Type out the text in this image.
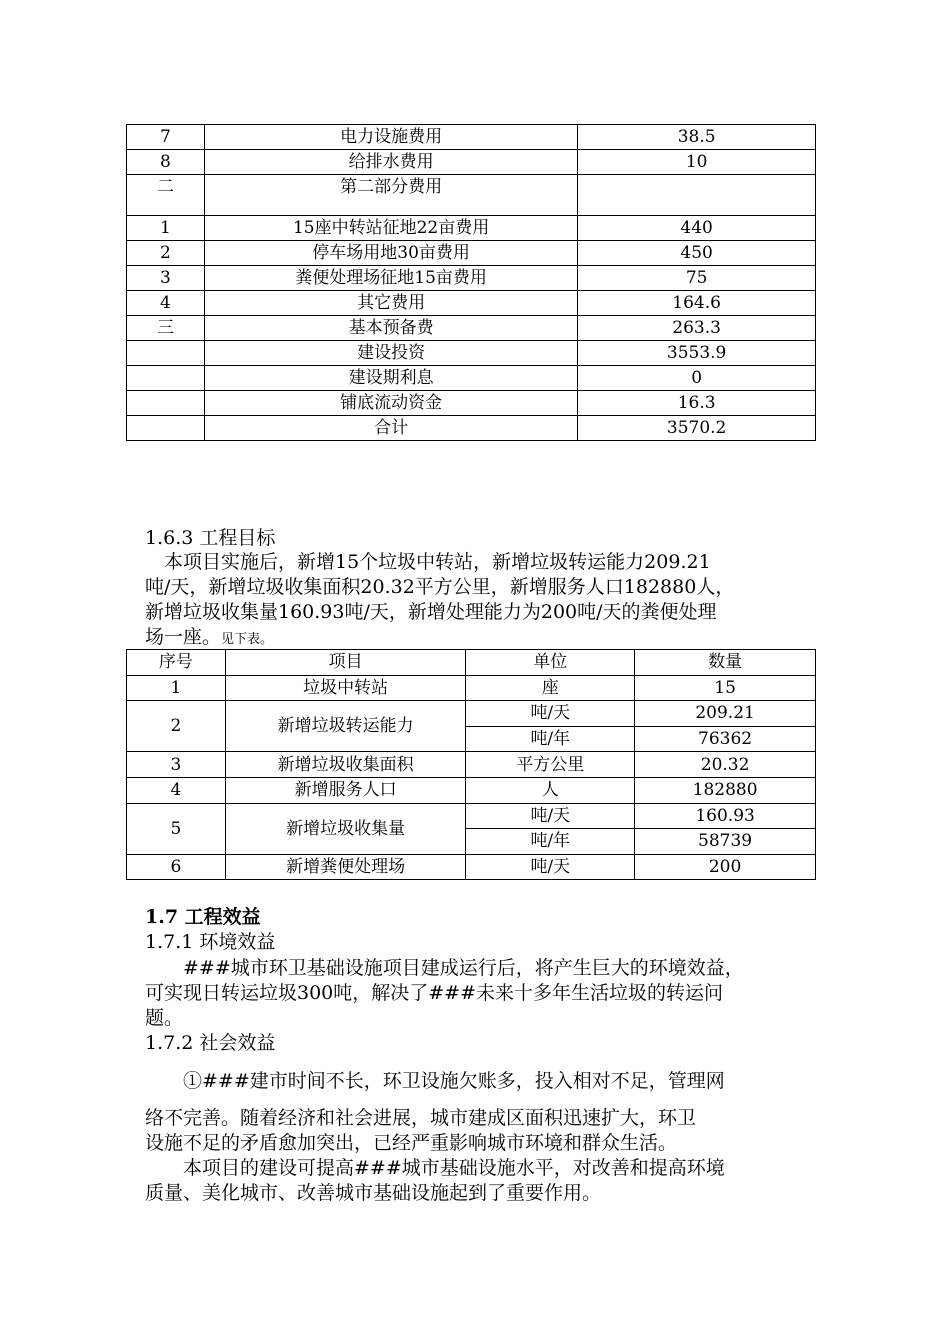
7	电力设施费用	38.5
8	给排水费用	10
二	第二部分费用	
1	15座中转站征地22亩费用	440
2	停车场用地30亩费用	450
3	粪便处理场征地15亩费用	75
4	其它费用	164.6
三	基本预备费	263.3
	建设投资	3553.9
	建设期利息	0
	铺底流动资金	16.3
	合计	3570.2
1.6.3 工程目标
　本项目实施后，新增15个垃圾中转站，新增垃圾转运能力209.21
吨/天，新增垃圾收集面积20.32平方公里，新增服务人口182880人，
新增垃圾收集量160.93吨/天，新增处理能力为200吨/天的粪便处理
场一座。见下表。
序号	项目	单位	数量
1	垃圾中转站	座	15
2	新增垃圾转运能力	吨/天	209.21
		吨/年	76362
3	新增垃圾收集面积	平方公里	20.32
4	新增服务人口	人	182880
5	新增垃圾收集量	吨/天	160.93
		吨/年	58739
6	新增粪便处理场	吨/天	200
1.7 工程效益
1.7.1 环境效益
　　###城市环卫基础设施项目建成运行后，将产生巨大的环境效益，
可实现日转运垃圾300吨，解决了###未来十多年生活垃圾的转运问
题。
1.7.2 社会效益
　　①###建市时间不长，环卫设施欠账多，投入相对不足，管理网
络不完善。随着经济和社会进展，城市建成区面积迅速扩大，环卫
设施不足的矛盾愈加突出，已经严重影响城市环境和群众生活。
　　本项目的建设可提高###城市基础设施水平，对改善和提高环境
质量、美化城市、改善城市基础设施起到了重要作用。
